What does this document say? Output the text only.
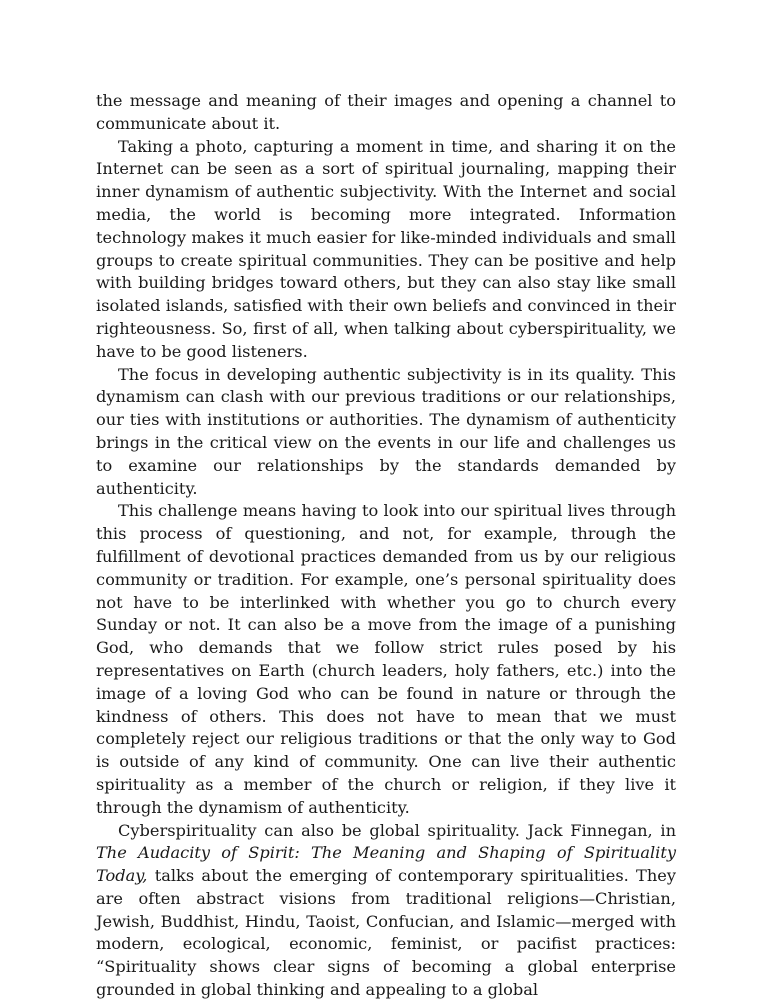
the message and meaning of their images and opening a channel to communicate about it.

Taking a photo, capturing a moment in time, and sharing it on the Internet can be seen as a sort of spiritual journaling, mapping their inner dynamism of authentic subjectivity. With the Internet and social media, the world is becoming more integrated. Information technology makes it much easier for like-minded individuals and small groups to create spiritual communities. They can be positive and help with building bridges toward others, but they can also stay like small isolated islands, satisfied with their own beliefs and convinced in their righteousness. So, first of all, when talking about cyberspirituality, we have to be good listeners.

The focus in developing authentic subjectivity is in its quality. This dynamism can clash with our previous traditions or our relationships, our ties with institutions or authorities. The dynamism of authenticity brings in the critical view on the events in our life and challenges us to examine our relationships by the standards demanded by authenticity.

This challenge means having to look into our spiritual lives through this process of questioning, and not, for example, through the fulfillment of devotional practices demanded from us by our religious community or tradition. For example, one’s personal spirituality does not have to be interlinked with whether you go to church every Sunday or not. It can also be a move from the image of a punishing God, who demands that we follow strict rules posed by his representatives on Earth (church leaders, holy fathers, etc.) into the image of a loving God who can be found in nature or through the kindness of others. This does not have to mean that we must completely reject our religious traditions or that the only way to God is outside of any kind of community. One can live their authentic spirituality as a member of the church or religion, if they live it through the dynamism of authenticity.

Cyberspirituality can also be global spirituality. Jack Finnegan, in The Audacity of Spirit: The Meaning and Shaping of Spirituality Today, talks about the emerging of contemporary spiritualities. They are often abstract visions from traditional religions—Christian, Jewish, Buddhist, Hindu, Taoist, Confucian, and Islamic—merged with modern, ecological, economic, feminist, or pacifist practices: “Spirituality shows clear signs of becoming a global enterprise grounded in global thinking and appealing to a global
